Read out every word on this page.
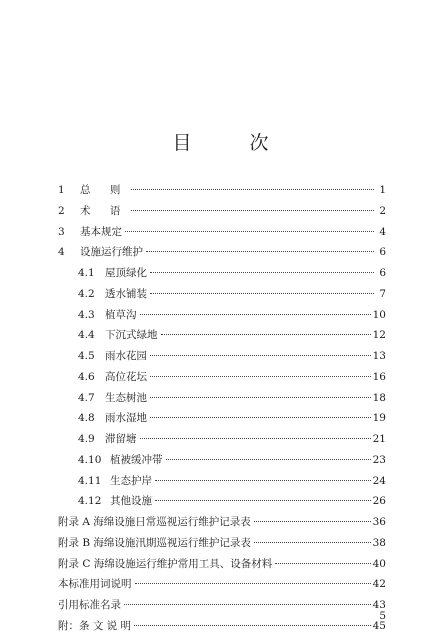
目 次
1	总 则	1
2	术 语	2
3	基本规定	4
4	设施运行维护	6
4.1 屋顶绿化	6
4.2 透水铺装	7
4.3 植草沟	10
4.4 下沉式绿地	12
4.5 雨水花园	13
4.6 高位花坛	16
4.7 生态树池	18
4.8 雨水湿地	19
4.9 滞留塘	21
4.10 植被缓冲带	23
4.11 生态护岸	24
4.12 其他设施	26
附录 A 海绵设施日常巡视运行维护记录表	36
附录 B 海绵设施汛期巡视运行维护记录表	38
附录 C 海绵设施运行维护常用工具、设备材料	40
本标准用词说明	42
引用标准名录	43
附：条 文 说 明	45
5
